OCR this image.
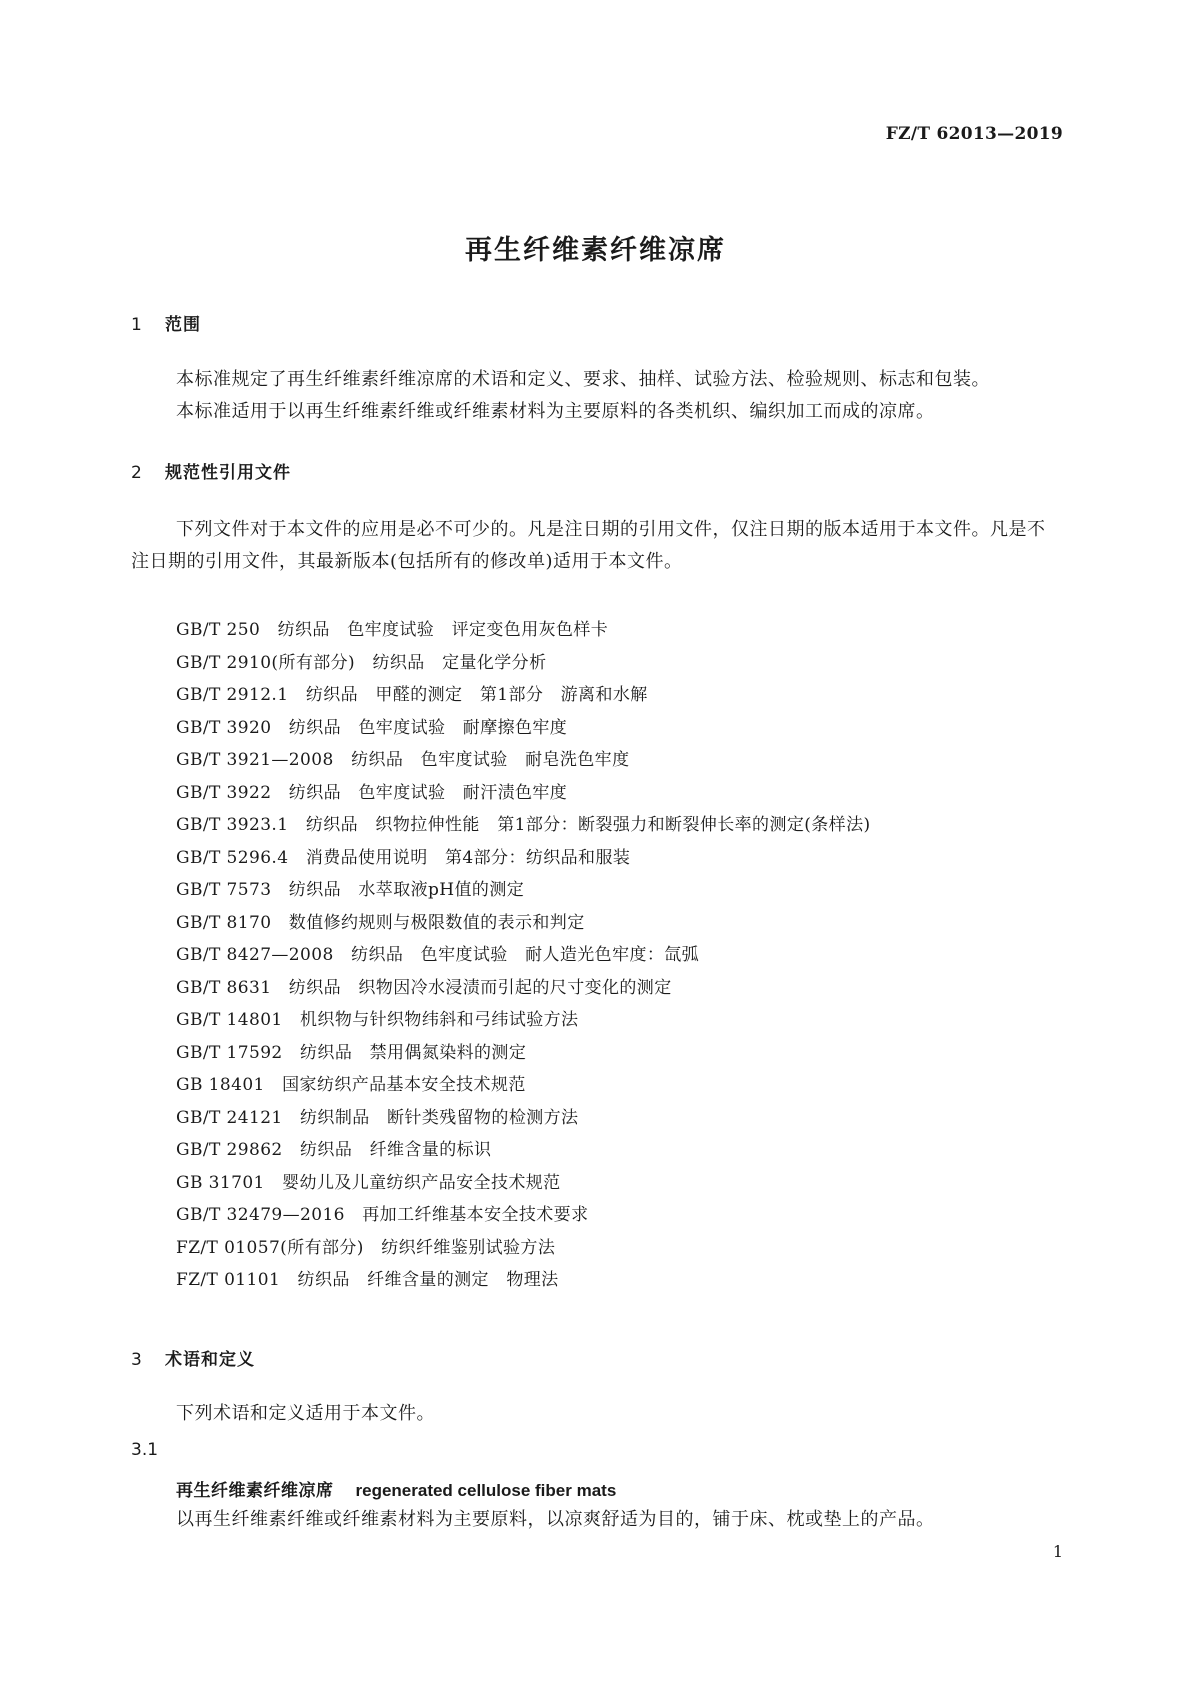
FZ/T 62013—2019
再生纤维素纤维凉席
1 范围
本标准规定了再生纤维素纤维凉席的术语和定义、要求、抽样、试验方法、检验规则、标志和包装。
本标准适用于以再生纤维素纤维或纤维素材料为主要原料的各类机织、编织加工而成的凉席。
2 规范性引用文件
下列文件对于本文件的应用是必不可少的。凡是注日期的引用文件，仅注日期的版本适用于本文件。凡是不注日期的引用文件，其最新版本(包括所有的修改单)适用于本文件。
GB/T 250　纺织品　色牢度试验　评定变色用灰色样卡
GB/T 2910(所有部分)　纺织品　定量化学分析
GB/T 2912.1　纺织品　甲醛的测定　第1部分　游离和水解
GB/T 3920　纺织品　色牢度试验　耐摩擦色牢度
GB/T 3921—2008　纺织品　色牢度试验　耐皂洗色牢度
GB/T 3922　纺织品　色牢度试验　耐汗渍色牢度
GB/T 3923.1　纺织品　织物拉伸性能　第1部分：断裂强力和断裂伸长率的测定(条样法)
GB/T 5296.4　消费品使用说明　第4部分：纺织品和服装
GB/T 7573　纺织品　水萃取液pH值的测定
GB/T 8170　数值修约规则与极限数值的表示和判定
GB/T 8427—2008　纺织品　色牢度试验　耐人造光色牢度：氙弧
GB/T 8631　纺织品　织物因冷水浸渍而引起的尺寸变化的测定
GB/T 14801　机织物与针织物纬斜和弓纬试验方法
GB/T 17592　纺织品　禁用偶氮染料的测定
GB 18401　国家纺织产品基本安全技术规范
GB/T 24121　纺织制品　断针类残留物的检测方法
GB/T 29862　纺织品　纤维含量的标识
GB 31701　婴幼儿及儿童纺织产品安全技术规范
GB/T 32479—2016　再加工纤维基本安全技术要求
FZ/T 01057(所有部分)　纺织纤维鉴别试验方法
FZ/T 01101　纺织品　纤维含量的测定　物理法
3 术语和定义
下列术语和定义适用于本文件。
3.1
再生纤维素纤维凉席 regenerated cellulose fiber mats
以再生纤维素纤维或纤维素材料为主要原料，以凉爽舒适为目的，铺于床、枕或垫上的产品。
1
